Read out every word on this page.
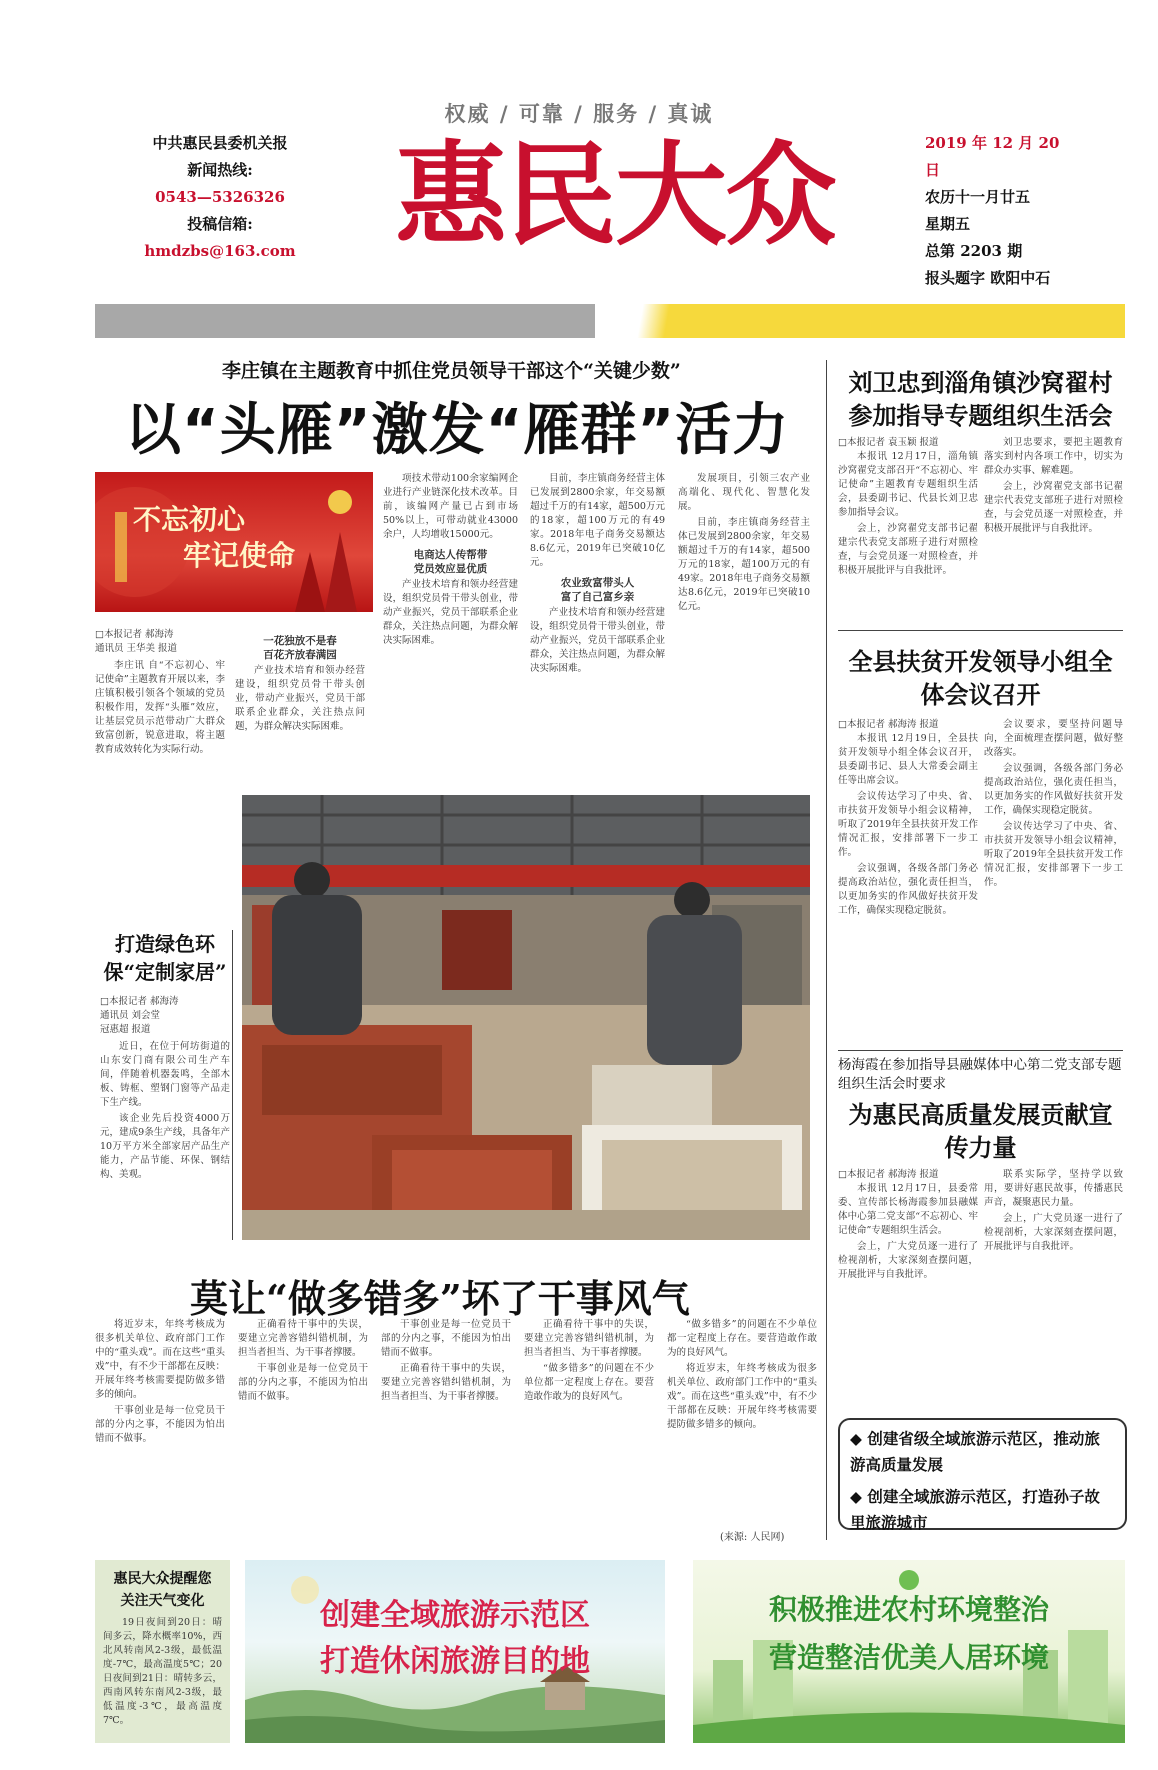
权威 / 可靠 / 服务 / 真诚
中共惠民县委机关报
新闻热线:
0543—5326326
投稿信箱:
hmdzbs@163.com 惠民大众	2019 年 12 月 20 日
农历十一月廿五
星期五
总第 2203 期
报头题字 欧阳中石
李庄镇在主题教育中抓住党员领导干部这个“关键少数”
以“头雁”激发“雁群”活力
不忘初心
牢记使命
□本报记者 郝海涛
通讯员 王华美 报道

李庄讯 自“不忘初心、牢记使命”主题教育开展以来，李庄镇积极引领各个领域的党员积极作用，发挥“头雁”效应，让基层党员示范带动广大群众致富创新，锐意进取，将主题教育成效转化为实际行动。

一花独放不是春
百花齐放春满园

产业技术培育和领办经营建设，组织党员骨干带头创业，带动产业振兴，党员干部联系企业群众，关注热点问题，为群众解决实际困难。

项技术带动100余家编网企业进行产业链深化技术改革。目前，该编网产量已占到市场50%以上，可带动就业43000余户，人均增收15000元。

电商达人传帮带
党员效应显优质

产业技术培育和领办经营建设，组织党员骨干带头创业，带动产业振兴，党员干部联系企业群众，关注热点问题，为群众解决实际困难。

目前，李庄镇商务经营主体已发展到2800余家，年交易额超过千万的有14家，超500万元的18家，超100万元的有49家。2018年电子商务交易额达8.6亿元，2019年已突破10亿元。

农业致富带头人
富了自己富乡亲

产业技术培育和领办经营建设，组织党员骨干带头创业，带动产业振兴，党员干部联系企业群众，关注热点问题，为群众解决实际困难。

发展项目，引领三农产业高端化、现代化、智慧化发展。

目前，李庄镇商务经营主体已发展到2800余家，年交易额超过千万的有14家，超500万元的18家，超100万元的有49家。2018年电子商务交易额达8.6亿元，2019年已突破10亿元。

刘卫忠到淄角镇沙窝翟村参加指导专题组织生活会
□本报记者 袁玉颖 报道

本报讯 12月17日，淄角镇沙窝翟党支部召开“不忘初心、牢记使命”主题教育专题组织生活会，县委副书记、代县长刘卫忠参加指导会议。

会上，沙窝翟党支部书记翟建宗代表党支部班子进行对照检查，与会党员逐一对照检查，并积极开展批评与自我批评。

刘卫忠要求，要把主题教育落实到村内各项工作中，切实为群众办实事、解难题。

会上，沙窝翟党支部书记翟建宗代表党支部班子进行对照检查，与会党员逐一对照检查，并积极开展批评与自我批评。

全县扶贫开发领导小组全体会议召开
□本报记者 郝海涛 报道

本报讯 12月19日，全县扶贫开发领导小组全体会议召开，县委副书记、县人大常委会副主任等出席会议。

会议传达学习了中央、省、市扶贫开发领导小组会议精神，听取了2019年全县扶贫开发工作情况汇报，安排部署下一步工作。

会议强调，各级各部门务必提高政治站位，强化责任担当，以更加务实的作风做好扶贫开发工作，确保实现稳定脱贫。

会议要求，要坚持问题导向，全面梳理查摆问题，做好整改落实。

会议强调，各级各部门务必提高政治站位，强化责任担当，以更加务实的作风做好扶贫开发工作，确保实现稳定脱贫。

会议传达学习了中央、省、市扶贫开发领导小组会议精神，听取了2019年全县扶贫开发工作情况汇报，安排部署下一步工作。

杨海霞在参加指导县融媒体中心第二党支部专题组织生活会时要求
为惠民高质量发展贡献宣传力量
□本报记者 郝海涛 报道

本报讯 12月17日，县委常委、宣传部长杨海霞参加县融媒体中心第二党支部“不忘初心、牢记使命”专题组织生活会。

会上，广大党员逐一进行了检视剖析，大家深刻查摆问题，开展批评与自我批评。

联系实际学，坚持学以致用，要讲好惠民故事，传播惠民声音，凝聚惠民力量。

会上，广大党员逐一进行了检视剖析，大家深刻查摆问题，开展批评与自我批评。

◆ 创建省级全域旅游示范区，推动旅游高质量发展
◆ 创建全域旅游示范区，打造孙子故里旅游城市
打造绿色环保“定制家居”
□本报记者 郝海涛
通讯员 刘会堂
冠惠超 报道

近日，在位于何坊街道的山东安门商有限公司生产车间，伴随着机器轰鸣，全部木板、铸框、塑钢门窗等产品走下生产线。

该企业先后投资4000万元，建成9条生产线，具备年产10万平方米全部家居产品生产能力，产品节能、环保、钢结构、美观。

莫让“做多错多”坏了干事风气

将近岁末，年终考核成为很多机关单位、政府部门工作中的“重头戏”。而在这些“重头戏”中，有不少干部都在反映：开展年终考核需要提防做多错多的倾向。

干事创业是每一位党员干部的分内之事，不能因为怕出错而不做事。

正确看待干事中的失误，要建立完善容错纠错机制，为担当者担当、为干事者撑腰。

干事创业是每一位党员干部的分内之事，不能因为怕出错而不做事。

干事创业是每一位党员干部的分内之事，不能因为怕出错而不做事。

正确看待干事中的失误，要建立完善容错纠错机制，为担当者担当、为干事者撑腰。

正确看待干事中的失误，要建立完善容错纠错机制，为担当者担当、为干事者撑腰。

“做多错多”的问题在不少单位都一定程度上存在。要营造敢作敢为的良好风气。

“做多错多”的问题在不少单位都一定程度上存在。要营造敢作敢为的良好风气。

将近岁末，年终考核成为很多机关单位、政府部门工作中的“重头戏”。而在这些“重头戏”中，有不少干部都在反映：开展年终考核需要提防做多错多的倾向。

(来源: 人民网)
惠民大众提醒您
关注天气变化
19日夜间到20日：晴间多云，降水概率10%，西北风转南风2-3级，最低温度-7℃，最高温度5℃；20日夜间到21日：晴转多云，西南风转东南风2-3级，最低温度-3℃，最高温度7℃。
创建全域旅游示范区
打造休闲旅游目的地
积极推进农村环境整治
营造整洁优美人居环境
